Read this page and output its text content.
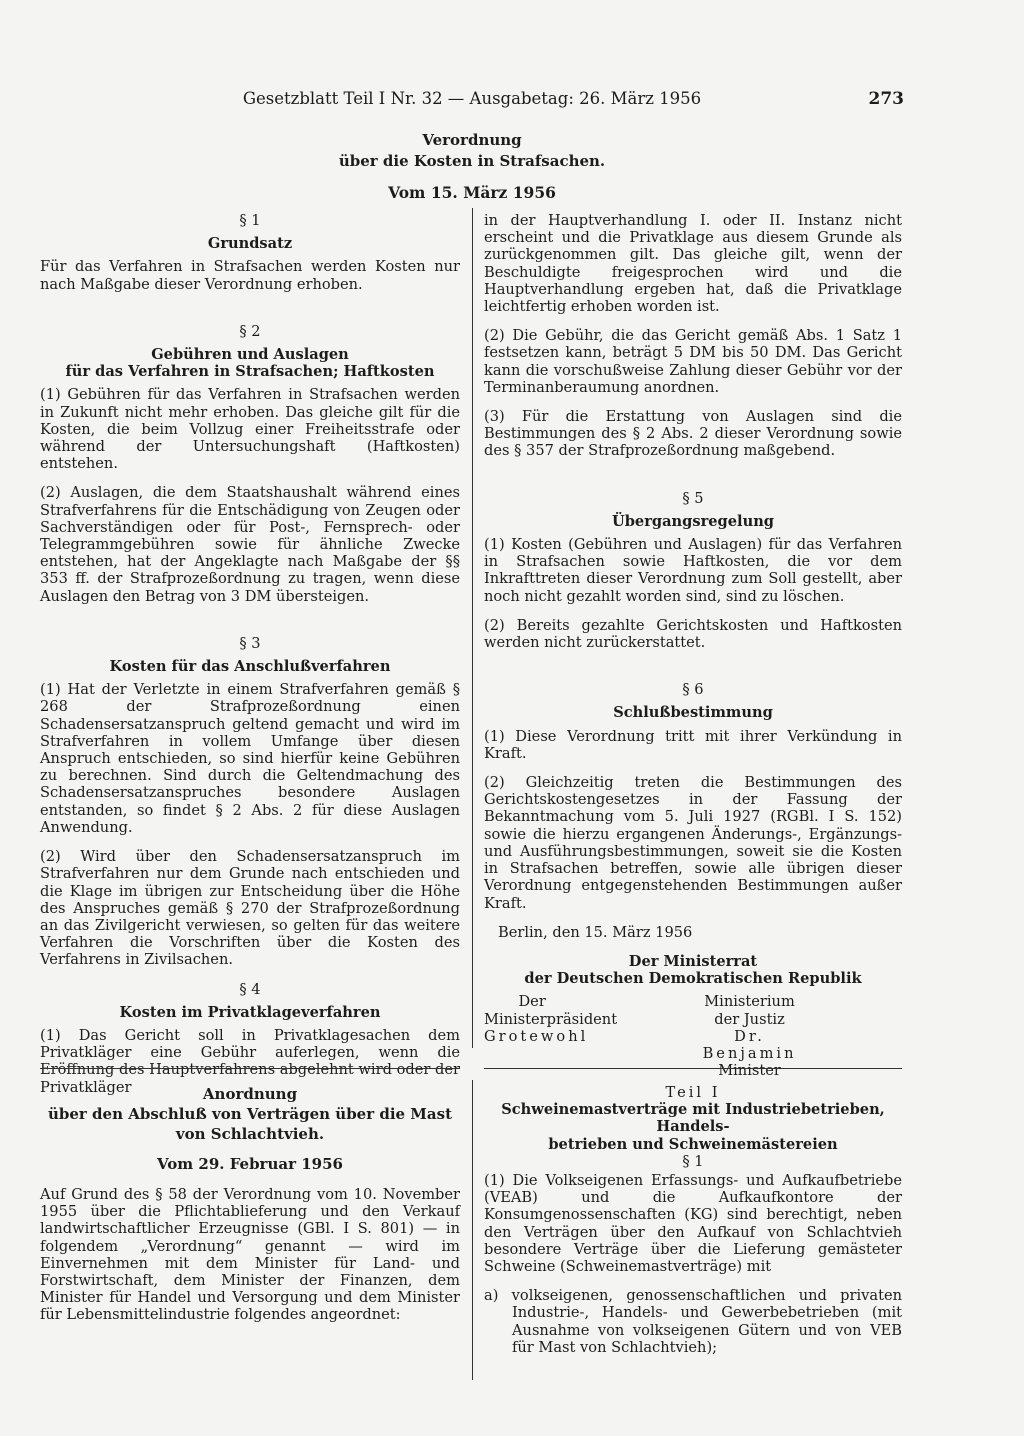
Gesetzblatt Teil I Nr. 32 — Ausgabetag: 26. März 1956	273
Verordnung
über die Kosten in Strafsachen.
Vom 15. März 1956
§ 1
Grundsatz

Für das Verfahren in Strafsachen werden Kosten nur nach Maßgabe dieser Verordnung erhoben.

§ 2
Gebühren und Auslagen
für das Verfahren in Strafsachen; Haftkosten

(1) Gebühren für das Verfahren in Strafsachen werden in Zukunft nicht mehr erhoben. Das gleiche gilt für die Kosten, die beim Vollzug einer Freiheitsstrafe oder während der Untersuchungshaft (Haftkosten) entstehen.

(2) Auslagen, die dem Staatshaushalt während eines Strafverfahrens für die Entschädigung von Zeugen oder Sachverständigen oder für Post-, Fernsprech- oder Telegrammgebühren sowie für ähnliche Zwecke entstehen, hat der Angeklagte nach Maßgabe der §§ 353 ff. der Strafprozeßordnung zu tragen, wenn diese Auslagen den Betrag von 3 DM übersteigen.

§ 3
Kosten für das Anschlußverfahren

(1) Hat der Verletzte in einem Strafverfahren gemäß § 268 der Strafprozeßordnung einen Schadensersatzanspruch geltend gemacht und wird im Strafverfahren in vollem Umfange über diesen Anspruch entschieden, so sind hierfür keine Gebühren zu berechnen. Sind durch die Geltendmachung des Schadensersatzanspruches besondere Auslagen entstanden, so findet § 2 Abs. 2 für diese Auslagen Anwendung.

(2) Wird über den Schadensersatzanspruch im Strafverfahren nur dem Grunde nach entschieden und die Klage im übrigen zur Entscheidung über die Höhe des Anspruches gemäß § 270 der Strafprozeßordnung an das Zivilgericht verwiesen, so gelten für das weitere Verfahren die Vorschriften über die Kosten des Verfahrens in Zivilsachen.

§ 4
Kosten im Privatklageverfahren

(1) Das Gericht soll in Privatklagesachen dem Privatkläger eine Gebühr auferlegen, wenn die Eröffnung des Hauptverfahrens abgelehnt wird oder der Privatkläger

in der Hauptverhandlung I. oder II. Instanz nicht erscheint und die Privatklage aus diesem Grunde als zurückgenommen gilt. Das gleiche gilt, wenn der Beschuldigte freigesprochen wird und die Hauptverhandlung ergeben hat, daß die Privatklage leichtfertig erhoben worden ist.

(2) Die Gebühr, die das Gericht gemäß Abs. 1 Satz 1 festsetzen kann, beträgt 5 DM bis 50 DM. Das Gericht kann die vorschußweise Zahlung dieser Gebühr vor der Terminanberaumung anordnen.

(3) Für die Erstattung von Auslagen sind die Bestimmungen des § 2 Abs. 2 dieser Verordnung sowie des § 357 der Strafprozeßordnung maßgebend.

§ 5
Übergangsregelung

(1) Kosten (Gebühren und Auslagen) für das Verfahren in Strafsachen sowie Haftkosten, die vor dem Inkrafttreten dieser Verordnung zum Soll gestellt, aber noch nicht gezahlt worden sind, sind zu löschen.

(2) Bereits gezahlte Gerichtskosten und Haftkosten werden nicht zurückerstattet.

§ 6
Schlußbestimmung

(1) Diese Verordnung tritt mit ihrer Verkündung in Kraft.

(2) Gleichzeitig treten die Bestimmungen des Gerichtskostengesetzes in der Fassung der Bekanntmachung vom 5. Juli 1927 (RGBl. I S. 152) sowie die hierzu ergangenen Änderungs-, Ergänzungs- und Ausführungsbestimmungen, soweit sie die Kosten in Strafsachen betreffen, sowie alle übrigen dieser Verordnung entgegenstehenden Bestimmungen außer Kraft.

Berlin, den 15. März 1956

Der Ministerrat
der Deutschen Demokratischen Republik
Der Ministerpräsident
Grotewohl
Ministerium der Justiz
Dr. Benjamin
Minister
Anordnung
über den Abschluß von Verträgen über die Mast
von Schlachtvieh.
Vom 29. Februar 1956

Auf Grund des § 58 der Verordnung vom 10. November 1955 über die Pflichtablieferung und den Verkauf landwirtschaftlicher Erzeugnisse (GBl. I S. 801) — in folgendem „Verordnung“ genannt — wird im Einvernehmen mit dem Minister für Land- und Forstwirtschaft, dem Minister der Finanzen, dem Minister für Handel und Versorgung und dem Minister für Lebensmittelindustrie folgendes angeordnet:

Teil I
Schweinemastverträge mit Industriebetrieben, Handels-
betrieben und Schweinemästereien
§ 1

(1) Die Volkseigenen Erfassungs- und Aufkaufbetriebe (VEAB) und die Aufkaufkontore der Konsumgenossenschaften (KG) sind berechtigt, neben den Verträgen über den Aufkauf von Schlachtvieh besondere Verträge über die Lieferung gemästeter Schweine (Schweinemastverträge) mit

a) volkseigenen, genossenschaftlichen und privaten Industrie-, Handels- und Gewerbebetrieben (mit Ausnahme von volkseigenen Gütern und von VEB für Mast von Schlachtvieh);
